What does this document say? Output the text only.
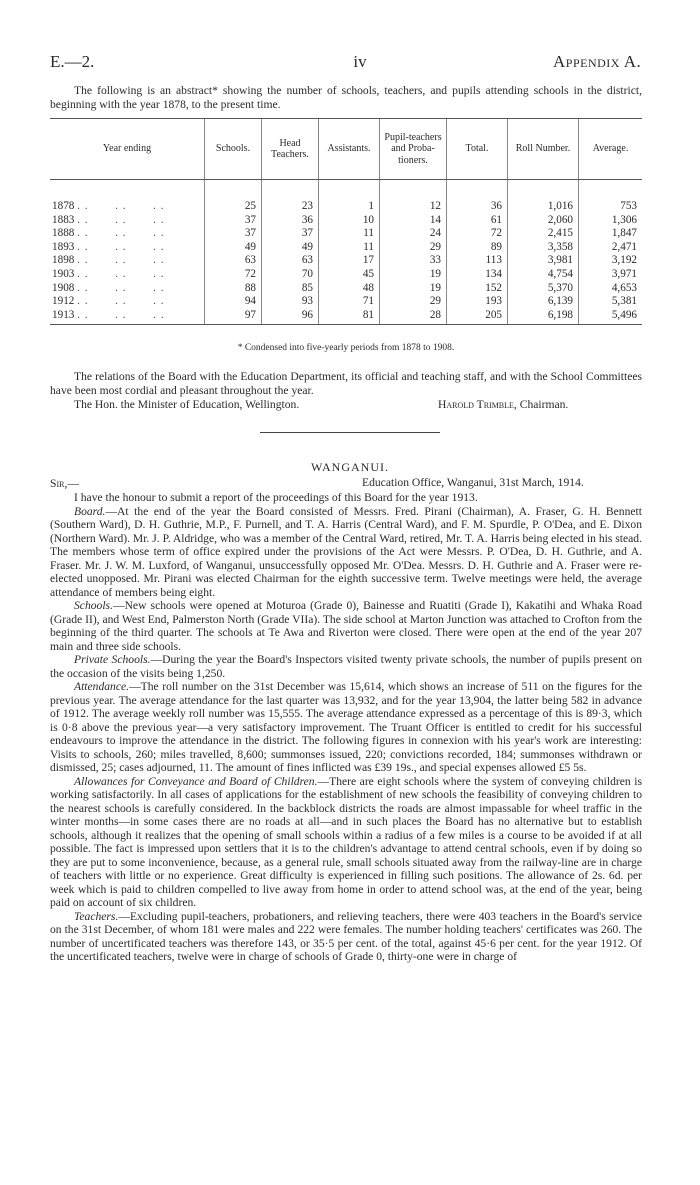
E.—2.	iv	Appendix A.
The following is an abstract* showing the number of schools, teachers, and pupils attending schools in the district, beginning with the year 1878, to the present time.
Year ending	Schools.	Head Teachers.	Assistants.	Pupil-teachers and Proba-tioners.	Total.	Roll Number.	Average.

1878 . .       . .       . .	25	23	1	12	36	1,016	753
1883 . .       . .       . .	37	36	10	14	61	2,060	1,306
1888 . .       . .       . .	37	37	11	24	72	2,415	1,847
1893 . .       . .       . .	49	49	11	29	89	3,358	2,471
1898 . .       . .       . .	63	63	17	33	113	3,981	3,192
1903 . .       . .       . .	72	70	45	19	134	4,754	3,971
1908 . .       . .       . .	88	85	48	19	152	5,370	4,653
1912 . .       . .       . .	94	93	71	29	193	6,139	5,381
1913 . .       . .       . .	97	96	81	28	205	6,198	5,496
* Condensed into five-yearly periods from 1878 to 1908.
The relations of the Board with the Education Department, its official and teaching staff, and with the School Committees have been most cordial and pleasant throughout the year.
The Hon. the Minister of Education, Wellington.	Harold Trimble, Chairman.
WANGANUI.
Sir,—	Education Office, Wanganui, 31st March, 1914.

I have the honour to submit a report of the proceedings of this Board for the year 1913.

Board.—At the end of the year the Board consisted of Messrs. Fred. Pirani (Chairman), A. Fraser, G. H. Bennett (Southern Ward), D. H. Guthrie, M.P., F. Purnell, and T. A. Harris (Central Ward), and F. M. Spurdle, P. O'Dea, and E. Dixon (Northern Ward). Mr. J. P. Aldridge, who was a member of the Central Ward, retired, Mr. T. A. Harris being elected in his stead. The members whose term of office expired under the provisions of the Act were Messrs. P. O'Dea, D. H. Guthrie, and A. Fraser. Mr. J. W. M. Luxford, of Wanganui, unsuccessfully opposed Mr. O'Dea. Messrs. D. H. Guthrie and A. Fraser were re-elected unopposed. Mr. Pirani was elected Chairman for the eighth successive term. Twelve meetings were held, the average attendance of members being eight.

Schools.—New schools were opened at Moturoa (Grade 0), Bainesse and Ruatiti (Grade I), Kakatihi and Whaka Road (Grade II), and West End, Palmerston North (Grade VIIa). The side school at Marton Junction was attached to Crofton from the beginning of the third quarter. The schools at Te Awa and Riverton were closed. There were open at the end of the year 207 main and three side schools.

Private Schools.—During the year the Board's Inspectors visited twenty private schools, the number of pupils present on the occasion of the visits being 1,250.

Attendance.—The roll number on the 31st December was 15,614, which shows an increase of 511 on the figures for the previous year. The average attendance for the last quarter was 13,932, and for the year 13,904, the latter being 582 in advance of 1912. The average weekly roll number was 15,555. The average attendance expressed as a percentage of this is 89·3, which is 0·8 above the previous year—a very satisfactory improvement. The Truant Officer is entitled to credit for his successful endeavours to improve the attendance in the district. The following figures in connexion with his year's work are interesting: Visits to schools, 260; miles travelled, 8,600; summonses issued, 220; convictions recorded, 184; summonses withdrawn or dismissed, 25; cases adjourned, 11. The amount of fines inflicted was £39 19s., and special expenses allowed £5 5s.

Allowances for Conveyance and Board of Children.—There are eight schools where the system of conveying children is working satisfactorily. In all cases of applications for the establishment of new schools the feasibility of conveying children to the nearest schools is carefully considered. In the backblock districts the roads are almost impassable for wheel traffic in the winter months—in some cases there are no roads at all—and in such places the Board has no alternative but to establish schools, although it realizes that the opening of small schools within a radius of a few miles is a course to be avoided if at all possible. The fact is impressed upon settlers that it is to the children's advantage to attend central schools, even if by doing so they are put to some inconvenience, because, as a general rule, small schools situated away from the railway-line are in charge of teachers with little or no experience. Great difficulty is experienced in filling such positions. The allowance of 2s. 6d. per week which is paid to children compelled to live away from home in order to attend school was, at the end of the year, being paid on account of six children.

Teachers.—Excluding pupil-teachers, probationers, and relieving teachers, there were 403 teachers in the Board's service on the 31st December, of whom 181 were males and 222 were females. The number holding teachers' certificates was 260. The number of uncertificated teachers was therefore 143, or 35·5 per cent. of the total, against 45·6 per cent. for the year 1912. Of the uncertificated teachers, twelve were in charge of schools of Grade 0, thirty-one were in charge of
